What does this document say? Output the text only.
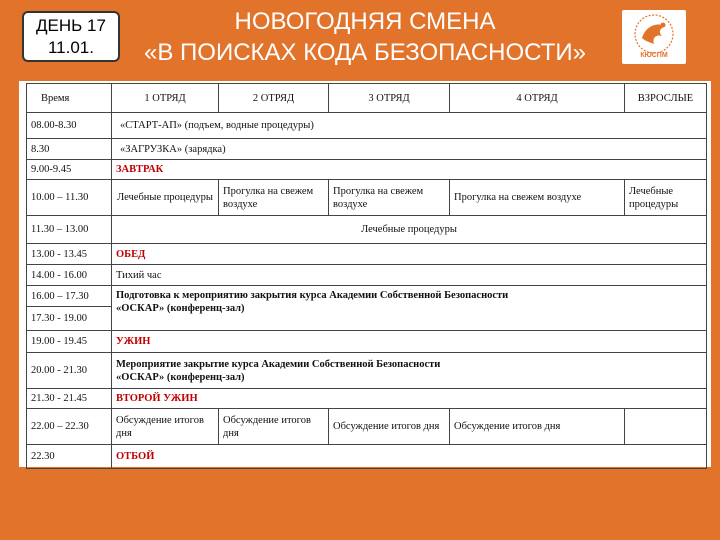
ДЕНЬ 17
11.01.
НОВОГОДНЯЯ СМЕНА
«В ПОИСКАХ КОДА БЕЗОПАСНОСТИ»	КЮСПМ
Время	1 ОТРЯД	2 ОТРЯД	3 ОТРЯД	4 ОТРЯД	ВЗРОСЛЫЕ
08.00-8.30	«СТАРТ-АП» (подъем, водные процедуры)				
8.30	«ЗАГРУЗКА» (зарядка)				
9.00-9.45	ЗАВТРАК				
10.00 – 11.30	Лечебные процедуры	Прогулка на свежем воздухе	Прогулка на свежем воздухе	Прогулка на свежем воздухе	Лечебные процедуры
11.30 – 13.00	Лечебные процедуры				
13.00 - 13.45	ОБЕД				
14.00 - 16.00	Тихий час				
16.00 – 17.30	Подготовка к мероприятию закрытия курса Академии Собственной Безопасности
«ОСКАР» (конференц-зал)				

17.30 - 19.00					
19.00 - 19.45	УЖИН				
20.00 - 21.30	Мероприятие закрытие курса Академии Собственной Безопасности
«ОСКАР» (конференц-зал)				

21.30 - 21.45	ВТОРОЙ УЖИН				
22.00 – 22.30	Обсуждение итогов дня	Обсуждение итогов дня	Обсуждение итогов дня	Обсуждение итогов дня	
22.30	ОТБОЙ				
